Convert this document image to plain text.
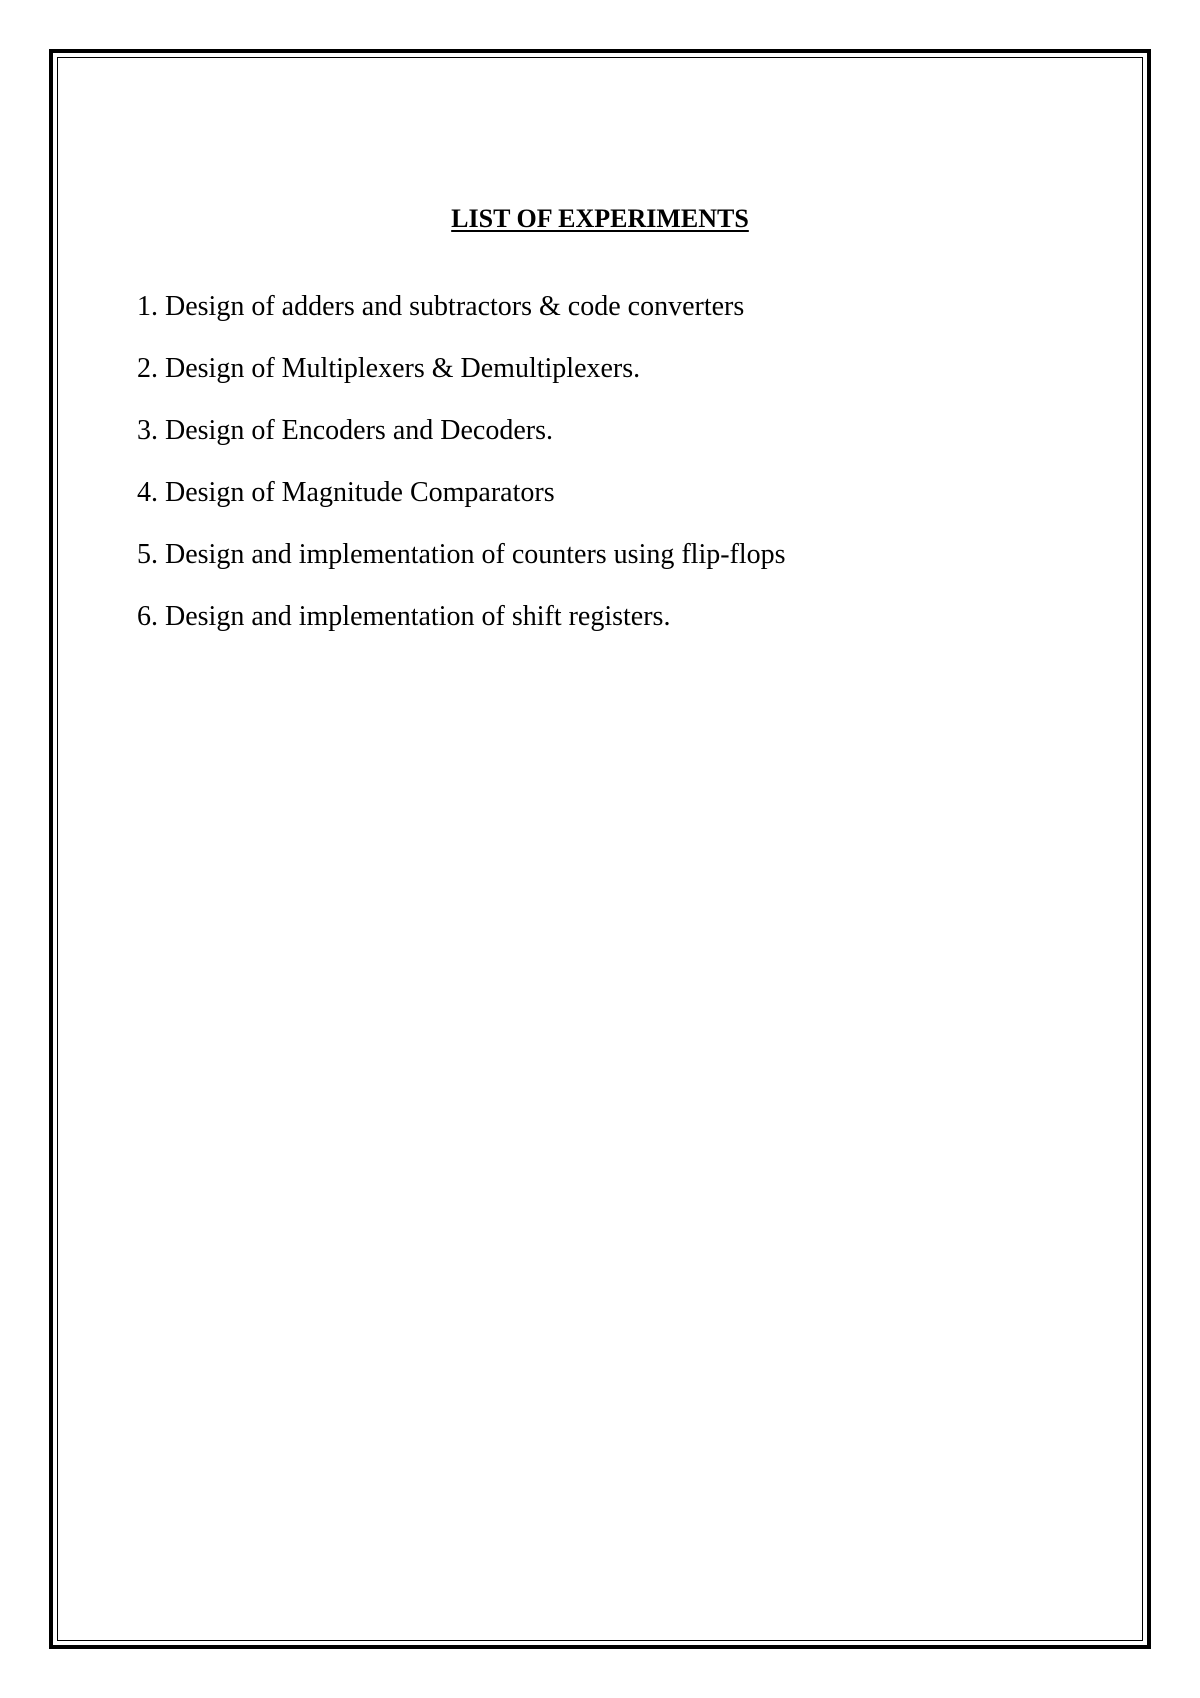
LIST OF EXPERIMENTS
1. Design of adders and subtractors & code converters
2. Design of Multiplexers & Demultiplexers.
3. Design of Encoders and Decoders.
4. Design of Magnitude Comparators
5. Design and implementation of counters using flip-flops
6. Design and implementation of shift registers.
